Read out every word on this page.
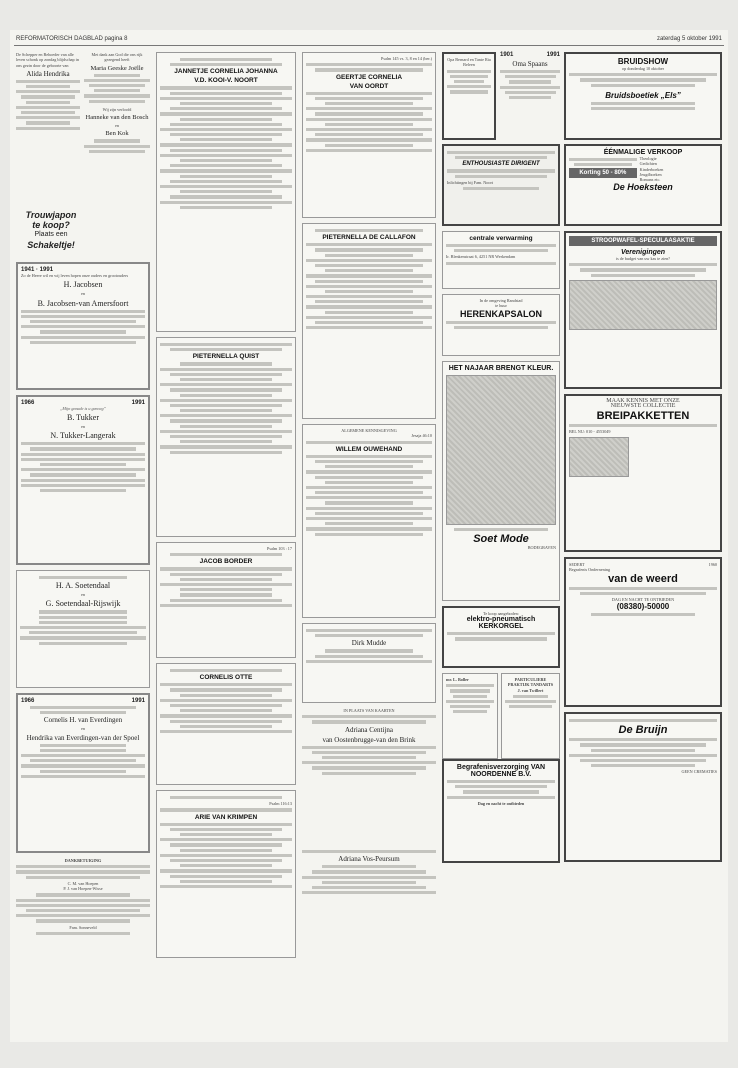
REFORMATORISCH DAGBLAD pagina 8	zaterdag 5 oktober 1991
De Schepper en Behoeder van alle leven schonk op zondag blijdschap in ons gezin door de geboorte van
Alida Hendrika
Met dank aan God die ons rijk gezegend heeft
Maria Geeske Joëlle
Wij zijn verloofd
Hanneke van den Bosch
en
Ben Kok
Trouwjapon
te koop?
Plaats een
Schakeltje!
1941 · 1991
Zo de Heere wil en wij leven hopen onze ouders en grootouders
H. Jacobsen
en
B. Jacobsen-van Amersfoort
1966	1991
„Mijn genade is u genoeg”
B. Tukker
en
N. Tukker-Langerak
H. A. Soetendaal
en
G. Soetendaal-Rijswijk
1966	1991
Cornelis H. van Everdingen
en
Hendrika van Everdingen-van der Spoel
DANKBETUIGING
C. M. van Hoepen
P. J. van Hoepen-Wisse
Fam. Sonneveld
JANNETJE CORNELIA JOHANNA
V.D. KOOI-V. NOORT
PIETERNELLA QUIST
Psalm 103 : 17
JACOB BORDER
CORNELIS OTTE
Psalm 116:13
ARIE VAN KRIMPEN
Psalm 145 vs. 3, 8 en 14 (ber.)
GEERTJE CORNELIA
VAN OORDT
PIETERNELLA DE CALLAFON
ALGEMENE KENNISGEVING
Jesaja 46:10
WILLEM OUWEHAND
Dirk Mudde
IN PLAATS VAN KAARTEN
Adriana Centijna
van Oostenbrugge-van den Brink
Adriana Vos-Peursum
Opa Bernard en Tante Ria Beleen
1901	1991
Oma Spaans	BRUIDSHOW
op donderdag 10 oktober
Bruidsboetiek „Els”
ENTHOUSIASTE DIRIGENT
Inlichtingen bij Fam. Noort
centrale verwarming
Ir. Blenkenstraat 6, 4251 NR Werkendam
In de omgeving Randstad
te huur
HERENKAPSALON
HET NAJAAR BRENGT KLEUR.
Soet Mode
BODEGRAVEN
Te koop aangeboden:
elektro-pneumatisch KERKORGEL
mr. L. Boller	PARTICULIERE PRAKTIJK TANDARTS
J. van Twillert
Begrafenisverzorging VAN NOORDENNE B.V.
Dag en nacht te ontbieden
ÉÉNMALIGE VERKOOP
Korting 50 - 80%
Theologie
Gedichten
Kinderboeken
Jeugdboeken
Romans etc.
De Hoeksteen
STROOPWAFEL-SPECULAASAKTIE
Verenigingen
is de budget van uw kas te zien?
MAAK KENNIS MET ONZE
NIEUWSTE COLLECTIE
BREIPAKKETTEN
BEL NU: 010 - 4553049
SEDERT	1960
Begrafenis Ondernening
van de weerd
DAG EN NACHT TE ONTBIEDEN
(08380)-50000
De Bruijn
GEEN CREMATIES
